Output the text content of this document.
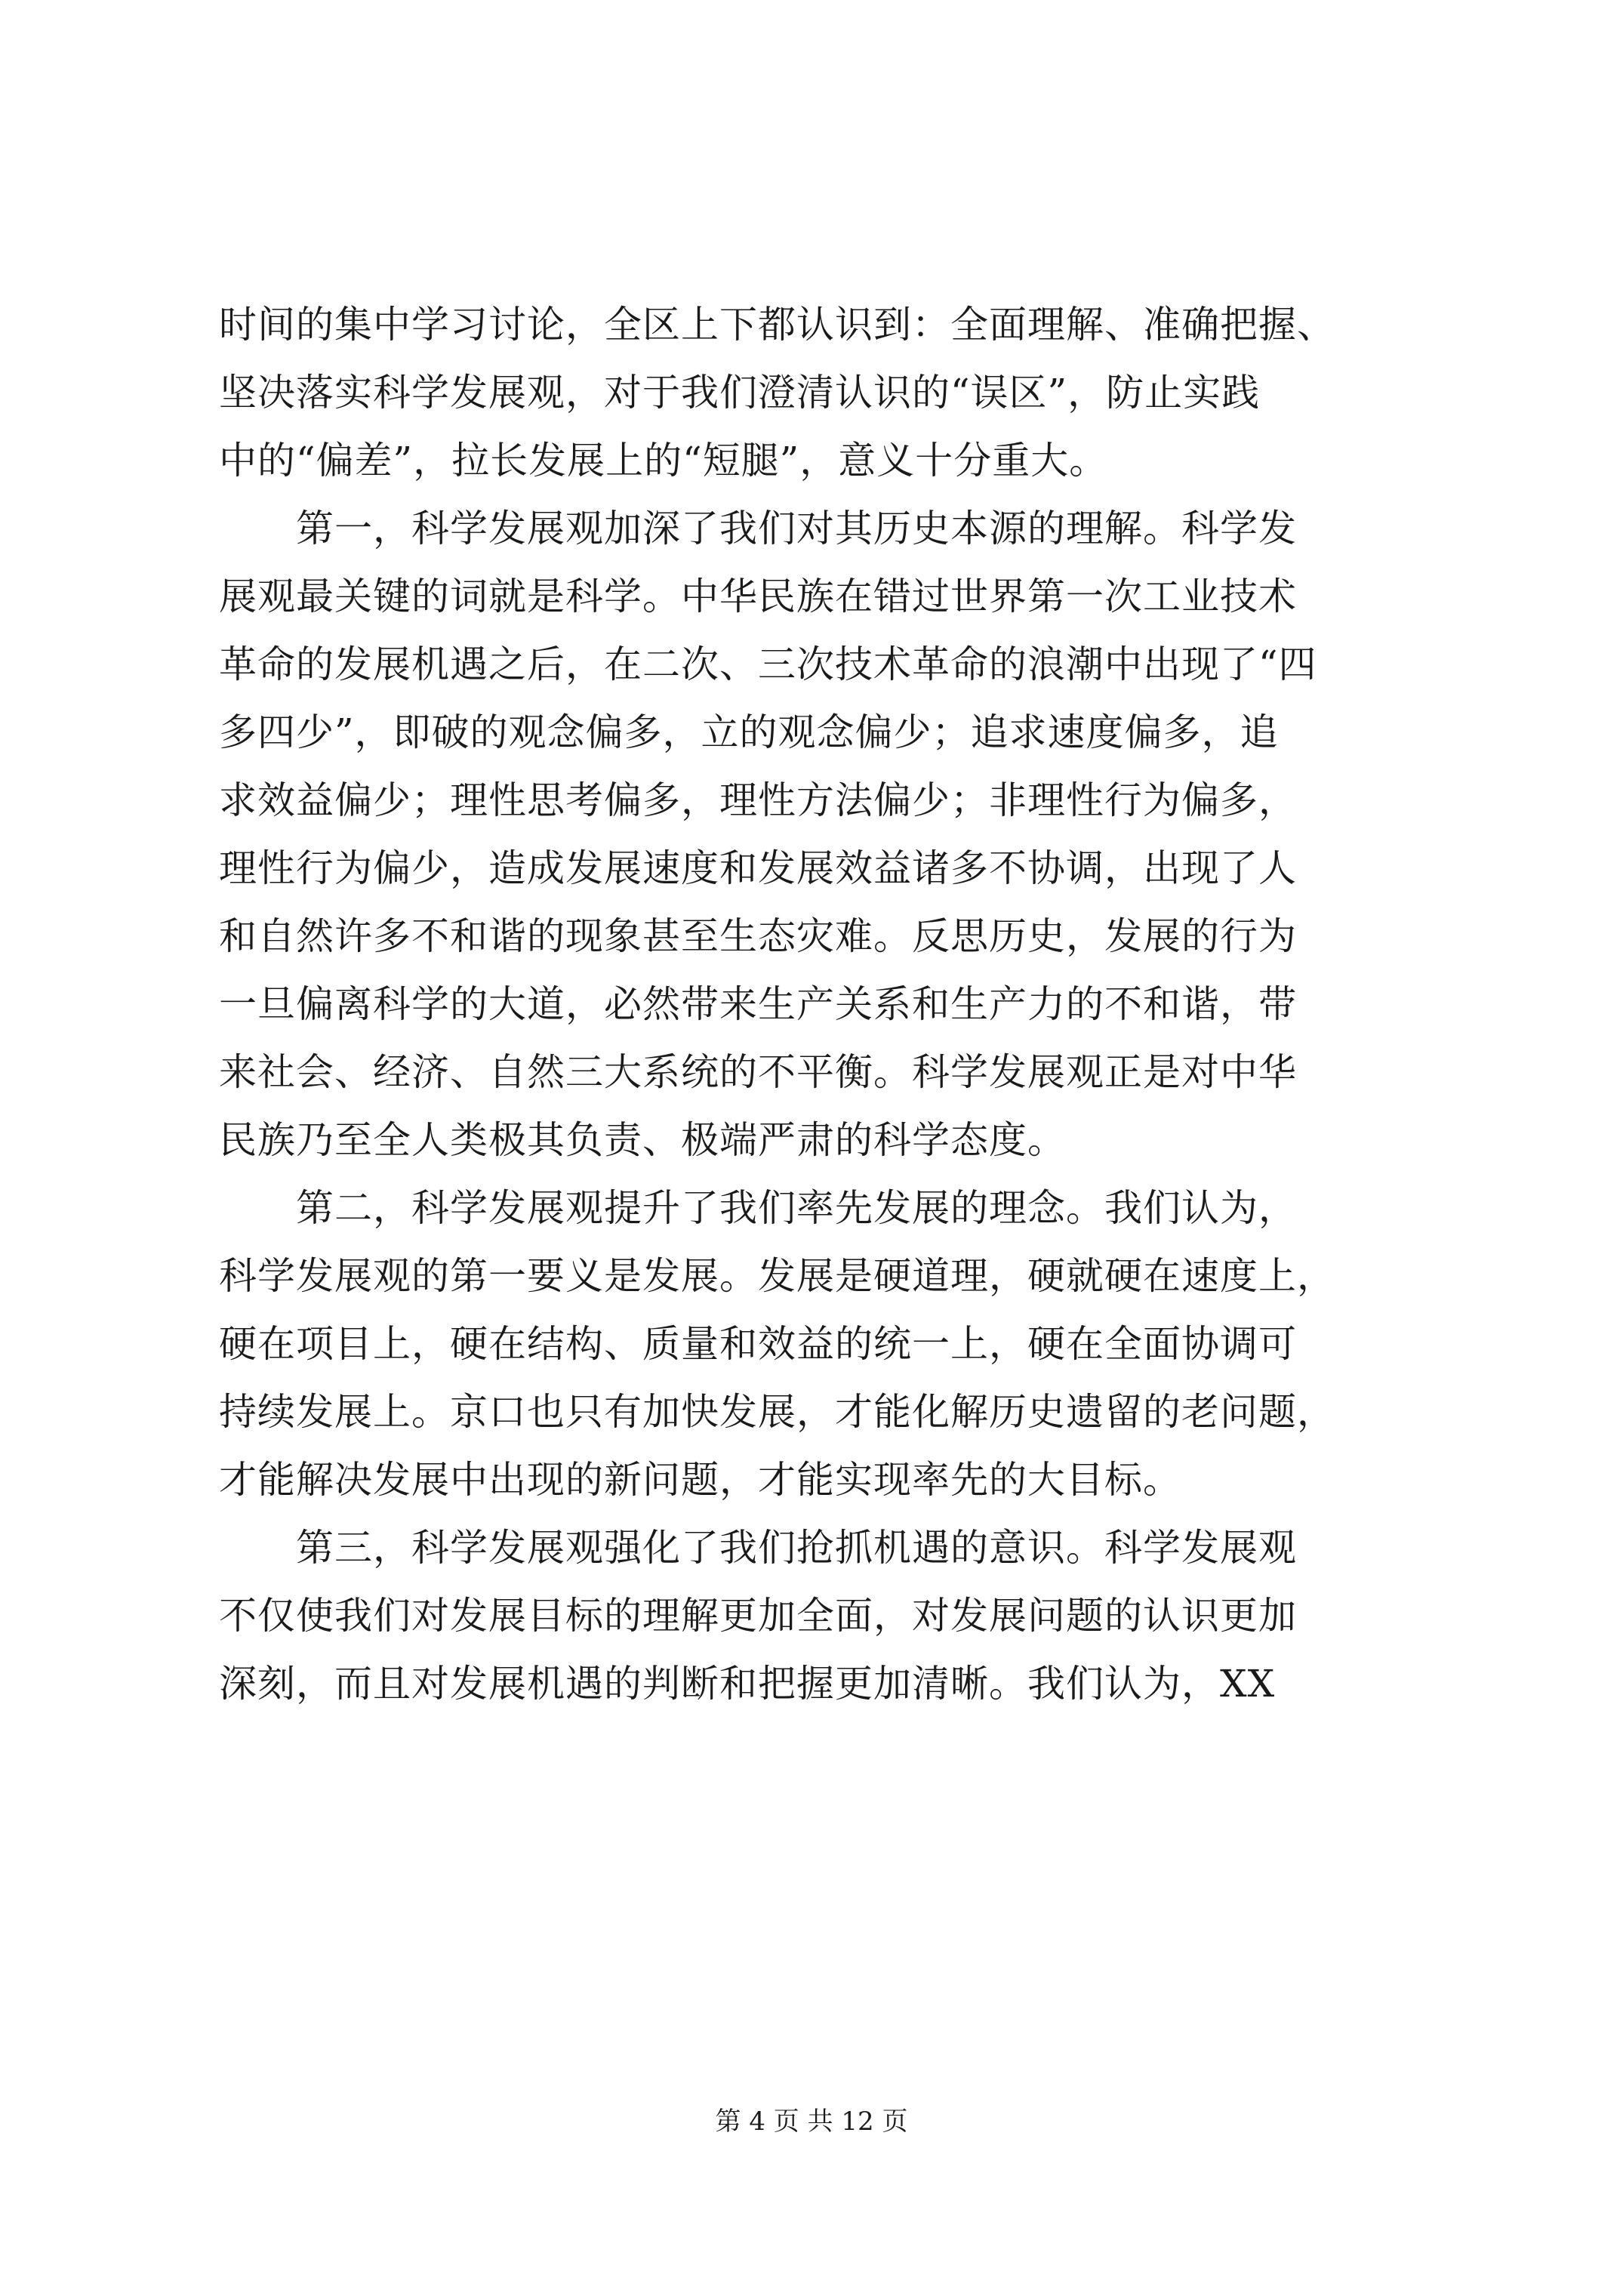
时间的集中学习讨论，全区上下都认识到：全面理解、准确把握、
坚决落实科学发展观，对于我们澄清认识的“误区”，防止实践
中的“偏差”，拉长发展上的“短腿”，意义十分重大。
　　第一，科学发展观加深了我们对其历史本源的理解。科学发
展观最关键的词就是科学。中华民族在错过世界第一次工业技术
革命的发展机遇之后，在二次、三次技术革命的浪潮中出现了“四
多四少”，即破的观念偏多，立的观念偏少；追求速度偏多，追
求效益偏少；理性思考偏多，理性方法偏少；非理性行为偏多，
理性行为偏少，造成发展速度和发展效益诸多不协调，出现了人
和自然许多不和谐的现象甚至生态灾难。反思历史，发展的行为
一旦偏离科学的大道，必然带来生产关系和生产力的不和谐，带
来社会、经济、自然三大系统的不平衡。科学发展观正是对中华
民族乃至全人类极其负责、极端严肃的科学态度。
　　第二，科学发展观提升了我们率先发展的理念。我们认为，
科学发展观的第一要义是发展。发展是硬道理，硬就硬在速度上，
硬在项目上，硬在结构、质量和效益的统一上，硬在全面协调可
持续发展上。京口也只有加快发展，才能化解历史遗留的老问题，
才能解决发展中出现的新问题，才能实现率先的大目标。
　　第三，科学发展观强化了我们抢抓机遇的意识。科学发展观
不仅使我们对发展目标的理解更加全面，对发展问题的认识更加
深刻，而且对发展机遇的判断和把握更加清晰。我们认为，XX
第 4 页 共 12 页
